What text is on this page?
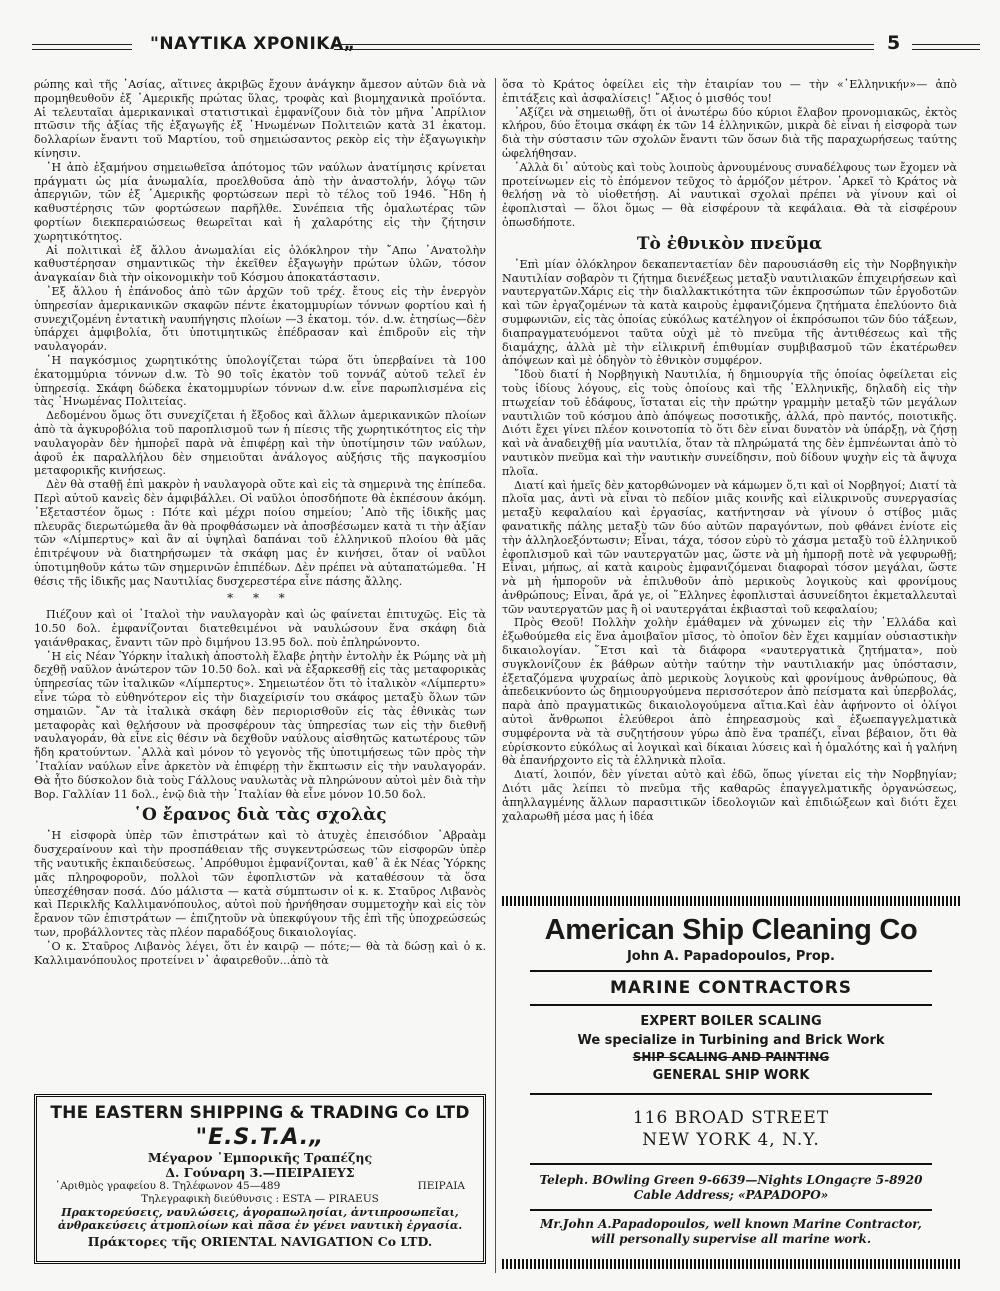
"ΝΑΥΤΙΚΑ ΧΡΟΝΙΚΑ„	5

ρώπης καὶ τῆς ᾿Ασίας, αἵτινες ἀκριβῶς ἔχουν ἀνάγκην ἄμεσον αὐτῶν διὰ νὰ προμηθευθοῦν ἐξ ᾿Αμερικῆς πρώτας ὕλας, τροφὰς καὶ βιομηχανικὰ προϊόντα. Αἱ τελευταῖαι ἀμερικανικαὶ στατιστικαὶ ἐμφανίζουν διὰ τὸν μῆνα ᾿Απρίλιον πτῶσιν τῆς ἀξίας τῆς ἐξαγωγῆς ἐξ ῾Ηνωμένων Πολιτειῶν κατὰ 31 ἑκατομ. δολλαρίων ἔναντι τοῦ Μαρτίου, τοῦ σημειώσαντος ρεκὸρ εἰς τὴν ἐξαγωγικὴν κίνησιν.

῾Η ἀπὸ ἑξαμήνου σημειωθεῖσα ἀπότομος τῶν ναύλων ἀνατίμησις κρίνεται πράγματι ὡς μία ἀνωμαλία, προελθοῦσα ἀπὸ τὴν ἀναστολήν, λόγῳ τῶν ἀπεργιῶν, τῶν ἐξ ᾿Αμερικῆς φορτώσεων περὶ τὸ τέλος τοῦ 1946. ῎Ηδη ἡ καθυστέρησις τῶν φορτώσεων παρῆλθε. Συνέπεια τῆς ὁμαλωτέρας τῶν φορτίων διεκπεραιώσεως θεωρεῖται καὶ ἡ χαλαρότης εἰς τὴν ζήτησιν χωρητικότητος.

Αἱ πολιτικαὶ ἐξ ἄλλου ἀνωμαλίαι εἰς ὁλόκληρον τὴν ῎Απω ᾿Ανατολὴν καθυστέρησαν σημαντικῶς τὴν ἐκεῖθεν ἐξαγωγὴν πρώτων ὑλῶν, τόσον ἀναγκαίαν διὰ τὴν οἰκονομικὴν τοῦ Κόσμου ἀποκατάστασιν.

᾿Εξ ἄλλου ἡ ἐπάνοδος ἀπὸ τῶν ἀρχῶν τοῦ τρέχ. ἔτους εἰς τὴν ἐνεργὸν ὑπηρεσίαν ἀμερικανικῶν σκαφῶν πέντε ἑκατομμυρίων τόννων φορτίου καὶ ἡ συνεχιζομένη ἐντατικὴ ναυπήγησις πλοίων —3 ἑκατομ. τόν. d.w. ἐτησίως—δὲν ὑπάρχει ἀμφιβολία, ὅτι ὑποτιμητικῶς ἐπέδρασαν καὶ ἐπιδροῦν εἰς τὴν ναυλαγοράν.

῾Η παγκόσμιος χωρητικότης ὑπολογίζεται τώρα ὅτι ὑπερβαίνει τὰ 100 ἑκατομμύρια τόννων d.w. Τὸ 90 τοῖς ἑκατὸν τοῦ τοννάζ αὐτοῦ τελεῖ ἐν ὑπηρεσίᾳ. Σκάφη δώδεκα ἑκατομμυρίων τόννων d.w. εἶνε παρωπλισμένα εἰς τὰς ῾Ηνωμένας Πολιτείας.

Δεδομένου ὅμως ὅτι συνεχίζεται ἡ ἔξοδος καὶ ἄλλων ἀμερικανικῶν πλοίων ἀπὸ τὰ ἀγκυροβόλια τοῦ παροπλισμοῦ των ἡ πίεσις τῆς χωρητικότητος εἰς τὴν ναυλαγορὰν δὲν ἠμποῤεῖ παρὰ νὰ ἐπιφέρῃ καὶ τὴν ὑποτίμησιν τῶν ναύλων, ἀφοῦ ἐκ παραλλήλου δὲν σημειοῦται ἀνάλογος αὐξήσις τῆς παγκοσμίου μεταφορικῆς κινήσεως.

Δὲν θὰ σταθῇ ἐπὶ μακρὸν ἡ ναυλαγορὰ οὔτε καὶ εἰς τὰ σημερινὰ της ἐπίπεδα. Περὶ αὐτοῦ κανεὶς δὲν ἀμφιβάλλει. Οἱ ναῦλοι ὁποσδήποτε θὰ ἐκπέσουν ἀκόμη. ᾿Εξεταστέον ὅμως : Πότε καὶ μέχρι ποίου σημείου; ᾿Απὸ τῆς ἰδικῆς μας πλευρᾶς διερωτώμεθα ἂν θὰ προφθάσωμεν νὰ ἀποσβέσωμεν κατὰ τι τὴν ἀξίαν τῶν «Λίμπερτυς» καὶ ἂν αἱ ὑψηλαὶ δαπάναι τοῦ ἑλληνικοῦ πλοίου θὰ μᾶς ἐπιτρέψουν νὰ διατηρήσωμεν τὰ σκάφη μας ἐν κινήσει, ὅταν οἱ ναῦλοι ὑποτιμηθοῦν κάτω τῶν σημερινῶν ἐπιπέδων. Δὲν πρέπει νὰ αὐταπατώμεθα. ῾Η θέσις τῆς ἰδικῆς μας Ναυτιλίας δυσχερεστέρα εἶνε πάσης ἄλλης.

* * *

Πιέζουν καὶ οἱ ᾿Ιταλοὶ τὴν ναυλαγορὰν καὶ ὡς φαίνεται ἐπιτυχῶς. Εἰς τὰ 10.50 δολ. ἐμφανίζονται διατεθειμένοι νὰ ναυλώσουν ἕνα σκάφη διὰ γαιάνθρακας, ἔναντι τῶν πρὸ διμήνου 13.95 δολ. ποὺ ἐπληρώνοντο.

῾Η εἰς Νέαν Ὑόρκην ἰταλικὴ ἀποστολὴ ἔλαβε ῥητὴν ἐντολὴν ἐκ Ρώμης νὰ μὴ δεχθῇ ναῦλον ἀνώτερον τῶν 10.50 δολ. καὶ νὰ ἐξαρκεσθῇ εἰς τὰς μεταφορικὰς ὑπηρεσίας τῶν ἰταλικῶν «Λίμπερτυς». Σημειωτέον ὅτι τὸ ἰταλικὸν «Λίμπερτυ» εἶνε τώρα τὸ εὐθηνότερον εἰς τὴν διαχείρισίν του σκάφος μεταξὺ ὅλων τῶν σημαιῶν. ῎Αν τὰ ἰταλικὰ σκάφη δὲν περιορισθοῦν εἰς τὰς ἐθνικὰς των μεταφορὰς καὶ θελήσουν νὰ προσφέρουν τὰς ὑπηρεσίας των εἰς τὴν διεθνῆ ναυλαγοράν, θὰ εἶνε εἰς θέσιν νὰ δεχθοῦν ναύλους αἰσθητῶς κατωτέρους τῶν ἤδη κρατούντων. ᾿Αλλὰ καὶ μόνον τὸ γεγονὸς τῆς ὑποτιμήσεως τῶν πρὸς τὴν ᾿Ιταλίαν ναύλων εἶνε ἀρκετὸν νὰ ἐπιφέρῃ τὴν ἔκπτωσιν εἰς τὴν ναυλαγοράν. Θὰ ἦτο δύσκολον διὰ τοὺς Γάλλους ναυλωτὰς νὰ πληρώνουν αὐτοὶ μὲν διὰ τὴν Βορ. Γαλλίαν 11 δολ., ἐνῷ διὰ τὴν ᾿Ιταλίαν θὰ εἶνε μόνον 10.50 δολ.

῾Ο ἔρανος διὰ τὰς σχολὰς

῾Η εἰσφορὰ ὑπὲρ τῶν ἐπιστράτων καὶ τὸ ἀτυχὲς ἐπεισόδιον ᾿Αβραὰμ δυσχεραίνουν καὶ τὴν προσπάθειαν τῆς συγκεντρώσεως τῶν εἰσφορῶν ὑπὲρ τῆς ναυτικῆς ἐκπαιδεύσεως. ᾿Απρόθυμοι ἐμφανίζονται, καθ᾿ ἃ ἐκ Νέας Ὑόρκης μᾶς πληροφοροῦν, πολλοὶ τῶν ἐφοπλιστῶν νὰ καταθέσουν τὰ ὅσα ὑπεσχέθησαν ποσά. Δύο μάλιστα — κατὰ σύμπτωσιν οἱ κ. κ. Σταῦρος Λιβανὸς καὶ Περικλῆς Καλλιμανόπουλος, αὐτοὶ ποὺ ἠρνήθησαν συμμετοχὴν καὶ εἰς τὸν ἔρανον τῶν ἐπιστράτων — ἐπιζητοῦν νὰ ὑπεκφύγουν τῆς ἐπὶ τῆς ὑποχρεώσεώς των, προβάλλοντες τὰς πλέον παραδόξους δικαιολογίας.

῾Ο κ. Σταῦρος Λιβανὸς λέγει, ὅτι ἐν καιρῷ — πότε;— θὰ τὰ δώσῃ καὶ ὁ κ. Καλλιμανόπουλος προτείνει ν᾿ ἀφαιρεθοῦν...ἀπὸ τὰ

ὅσα τὸ Κράτος ὀφείλει εἰς τὴν ἑταιρίαν του — τὴν «῾Ελληνικήν»— ἀπὸ ἐπιτάξεις καὶ ἀσφαλίσεις! ῎Αξιος ὁ μισθός του!

᾿Αξίζει νὰ σημειωθῇ, ὅτι οἱ ἀνωτέρω δύο κύριοι ἔλαβον προνομιακῶς, ἐκτὸς κλήρου, δύο ἕτοιμα σκάφη ἐκ τῶν 14 ἑλληνικῶν, μικρὰ δὲ εἶναι ἡ εἰσφορὰ των διὰ τὴν σύστασιν τῶν σχολῶν ἔναντι τῶν ὅσων διὰ τῆς παραχωρήσεως ταύτης ὠφελήθησαν.

᾿Αλλὰ δι᾿ αὐτοὺς καὶ τοὺς λοιποὺς ἀρνουμένους συναδέλφους των ἔχομεν νὰ προτείνωμεν εἰς τὸ ἐπόμενον τεῦχος τὸ ἁρμόζον μέτρον. ᾿Αρκεῖ τὸ Κράτος νὰ θελήσῃ νὰ τὸ υἱοθετήσῃ. Αἱ ναυτικαὶ σχολαὶ πρέπει νὰ γίνουν καὶ οἱ ἐφοπλισταὶ — ὅλοι ὅμως — θὰ εἰσφέρουν τὰ κεφάλαια. Θὰ τὰ εἰσφέρουν ὁπωσδήποτε.

Τὸ ἐθνικὸν πνεῦμα

᾿Επὶ μίαν ὁλόκληρον δεκαπενταετίαν δὲν παρουσιάσθη εἰς τὴν Νορβηγικὴν Ναυτιλίαν σοβαρὸν τι ζήτημα διενέξεως μεταξὺ ναυτιλιακῶν ἐπιχειρήσεων καὶ ναυτεργατῶν.Χάρις εἰς τὴν διαλλακτικότητα τῶν ἐκπροσώπων τῶν ἐργοδοτῶν καὶ τῶν ἐργαζομένων τὰ κατὰ καιροὺς ἐμφανιζόμενα ζητήματα ἐπελύοντο διὰ συμφωνιῶν, εἰς τὰς ὁποίας εὐκόλως κατέληγον οἱ ἐκπρόσωποι τῶν δύο τάξεων, διαπραγματευόμενοι ταῦτα οὐχὶ μὲ τὸ πνεῦμα τῆς ἀντιθέσεως καὶ τῆς διαμάχης, ἀλλὰ μὲ τὴν εἰλικρινῆ ἐπιθυμίαν συμβιβασμοῦ τῶν ἑκατέρωθεν ἀπόψεων καὶ μὲ ὁδηγὸν τὸ ἐθνικὸν συμφέρον.

῎Ιδοὺ διατί ἡ Νορβηγικὴ Ναυτιλία, ἡ δημιουργία τῆς ὁποίας ὀφείλεται εἰς τοὺς ἰδίους λόγους, εἰς τοὺς ὁποίους καὶ τῆς ᾿Ελληνικῆς, δηλαδὴ εἰς τὴν πτωχείαν τοῦ ἐδάφους, ἵσταται εἰς τὴν πρώτην γραμμὴν μεταξὺ τῶν μεγάλων ναυτιλιῶν τοῦ κόσμου ἀπὸ ἀπόψεως ποσοτικῆς, ἀλλά, πρὸ παντός, ποιοτικῆς. Διότι ἔχει γίνει πλέον κοινοτοπία τὸ ὅτι δὲν εἶναι δυνατὸν νὰ ὑπάρξῃ, νὰ ζήσῃ καὶ νὰ ἀναδειχθῇ μία ναυτιλία, ὅταν τὰ πληρώματά της δὲν ἐμπνέωνται ἀπὸ τὸ ναυτικὸν πνεῦμα καὶ τὴν ναυτικὴν συνείδησιν, ποὺ δίδουν ψυχὴν εἰς τὰ ἄψυχα πλοῖα.

Διατί καὶ ἡμεῖς δὲν κατορθώνομεν νὰ κάμωμεν ὅ,τι καὶ οἱ Νορβηγοί; Διατί τὰ πλοῖα μας, ἀντὶ νὰ εἶναι τὸ πεδίον μιᾶς κοινῆς καὶ εἰλικρινοῦς συνεργασίας μεταξὺ κεφαλαίου καὶ ἐργασίας, κατήντησαν νὰ γίνουν ὁ στίβος μιᾶς φανατικῆς πάλης μεταξὺ τῶν δύο αὐτῶν παραγόντων, ποὺ φθάνει ἐνίοτε εἰς τὴν ἀλληλοεξόντωσιν; Εἶναι, τάχα, τόσον εὐρὺ τὸ χάσμα μεταξὺ τοῦ ἑλληνικοῦ ἐφοπλισμοῦ καὶ τῶν ναυτεργατῶν μας, ὥστε νὰ μὴ ἠμπορῇ ποτὲ νὰ γεφυρωθῇ; Εἶναι, μήπως, αἱ κατὰ καιροὺς ἐμφανιζόμεναι διαφοραὶ τόσον μεγάλαι, ὥστε νὰ μὴ ἠμποροῦν νὰ ἐπιλυθοῦν ἀπὸ μερικοὺς λογικοὺς καὶ φρονίμους ἀνθρώπους; Εἶναι, ἄρά γε, οἱ ῞Ελληνες ἐφοπλισταὶ ἀσυνείδητοι ἐκμεταλλευταὶ τῶν ναυτεργατῶν μας ἢ οἱ ναυτεργάται ἐκβιασταὶ τοῦ κεφαλαίου;

Πρὸς Θεοῦ! Πολλὴν χολὴν ἐμάθαμεν νὰ χύνωμεν εἰς τὴν ᾿Ελλάδα καὶ ἐξωθούμεθα εἰς ἕνα ἀμοιβαῖον μῖσος, τὸ ὁποῖον δὲν ἔχει καμμίαν οὐσιαστικὴν δικαιολογίαν. ῞Ετσι καὶ τὰ διάφορα «ναυτεργατικὰ ζητήματα», ποὺ συγκλονίζουν ἐκ βάθρων αὐτὴν ταύτην τὴν ναυτιλιακήν μας ὑπόστασιν, ἐξεταζόμενα ψυχραίως ἀπὸ μερικοὺς λογικοὺς καὶ φρονίμους ἀνθρώπους, θὰ ἀπεδεικνύοντο ὡς δημιουργούμενα περισσότερον ἀπὸ πείσματα καὶ ὑπερβολάς, παρὰ ἀπὸ πραγματικῶς δικαιολογούμενα αἴτια.Καὶ ἐὰν ἀφήνοντο οἱ ὀλίγοι αὐτοὶ ἄνθρωποι ἐλεύθεροι ἀπὸ ἐπηρεασμοὺς καὶ ἐξωεπαγγελματικὰ συμφέροντα νὰ τὰ συζητήσουν γύρω ἀπὸ ἕνα τραπέζι, εἶναι βέβαιον, ὅτι θὰ εὑρίσκοντο εὐκόλως αἱ λογικαὶ καὶ δίκαιαι λύσεις καὶ ἡ ὁμαλότης καὶ ἡ γαλήνη θὰ ἐπανήρχοντο εἰς τὰ ἑλληνικὰ πλοῖα.

Διατί, λοιπόν, δὲν γίνεται αὐτὸ καὶ ἐδῶ, ὅπως γίνεται εἰς τὴν Νορβηγίαν; Διότι μᾶς λείπει τὸ πνεῦμα τῆς καθαρῶς ἐπαγγελματικῆς ὀργανώσεως, ἀπηλλαγμένης ἄλλων παρασιτικῶν ἰδεολογιῶν καὶ ἐπιδιώξεων καὶ διότι ἔχει χαλαρωθῆ μέσα μας ἡ ἰδέα

THE EASTERN SHIPPING & TRADING Co LTD
"E.S.T.A.„
Μέγαρον ᾿Εμπορικῆς Τραπέζης
Δ. Γούναρη 3.—ΠΕΙΡΑΙΕΥΣ
᾿Αριθμὸς γραφείου 8. Τηλέφωνον 45—489	ΠΕΙΡΑΙΑ
Τηλεγραφικὴ διεύθυνσις : ESTA — PIRAEUS
Πρακτορεύσεις, ναυλώσεις, ἀγοραπωλησίαι, ἀντιπροσωπεῖαι,
ἀνθρακεύσεις ἀτμοπλοίων καὶ πᾶσα ἐν γένει ναυτικὴ ἐργασία.
Πράκτορες τῆς ORIENTAL NAVIGATION Co LTD.
American Ship Cleaning Co
John A. Papadopoulos, Prop.
MARINE CONTRACTORS
EXPERT BOILER SCALING
We specialize in Turbining and Brick Work
SHIP SCALING AND PAINTING
GENERAL SHIP WORK
116 BROAD STREET
NEW YORK 4, N.Y.
Teleph. BOwling Green 9-6639—Nights LOngaçre 5-8920
Cable Address; «PAPADOPO»
Mr.John A.Papadopoulos, well known Marine Contractor,
will personally supervise all marine work.
